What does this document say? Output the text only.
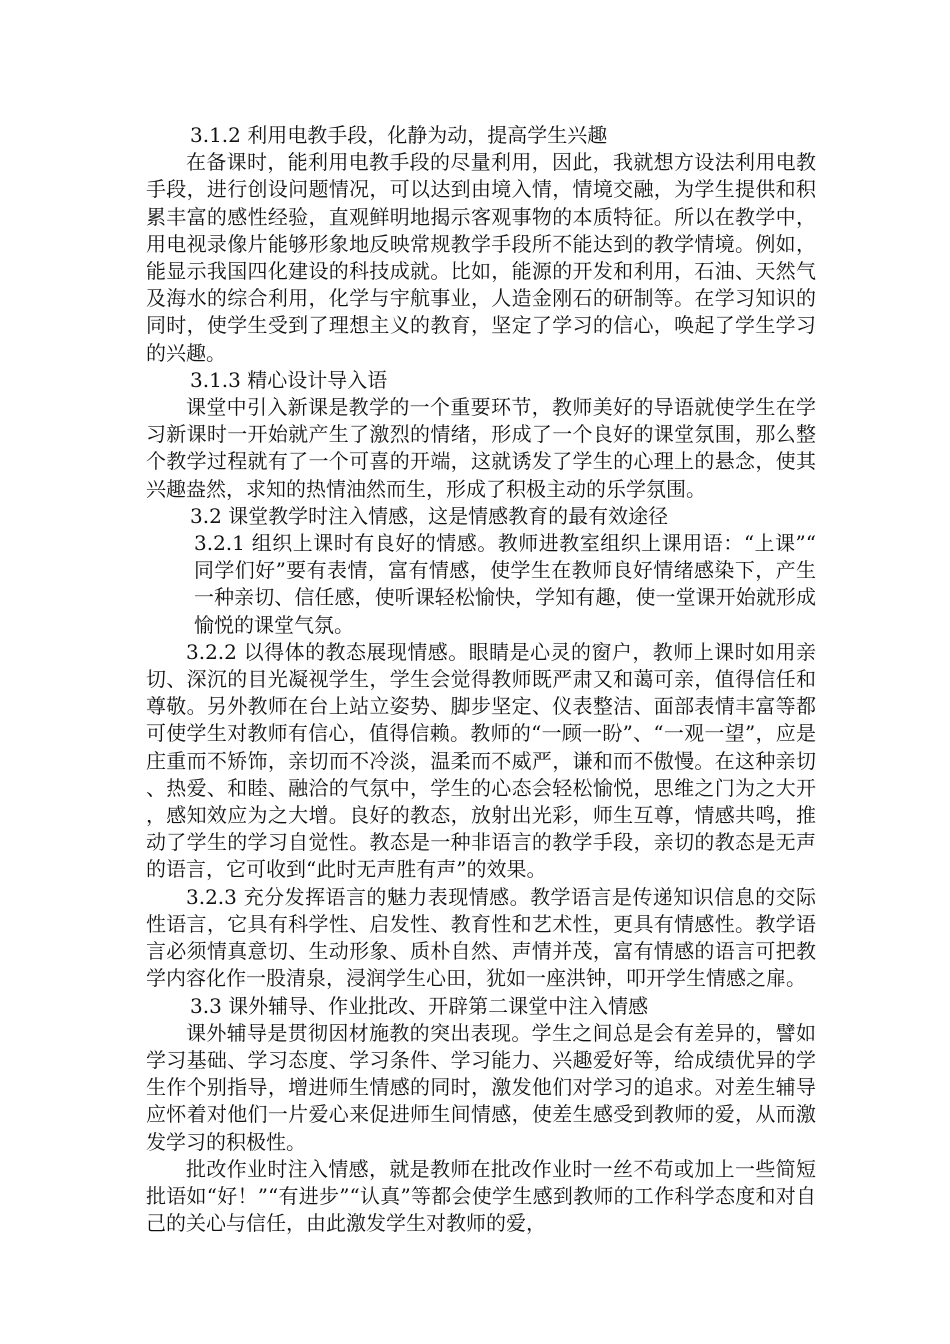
3.1.2 利用电教手段，化静为动，提高学生兴趣

在备课时，能利用电教手段的尽量利用，因此，我就想方设法利用电教手段，进行创设问题情况，可以达到由境入情，情境交融，为学生提供和积累丰富的感性经验，直观鲜明地揭示客观事物的本质特征。所以在教学中，用电视录像片能够形象地反映常规教学手段所不能达到的教学情境。例如，能显示我国四化建设的科技成就。比如，能源的开发和利用，石油、天然气及海水的综合利用，化学与宇航事业，人造金刚石的研制等。在学习知识的同时，使学生受到了理想主义的教育，坚定了学习的信心，唤起了学生学习的兴趣。

3.1.3 精心设计导入语

课堂中引入新课是教学的一个重要环节，教师美好的导语就使学生在学习新课时一开始就产生了激烈的情绪，形成了一个良好的课堂氛围，那么整个教学过程就有了一个可喜的开端，这就诱发了学生的心理上的悬念，使其兴趣盎然，求知的热情油然而生，形成了积极主动的乐学氛围。

3.2 课堂教学时注入情感，这是情感教育的最有效途径

3.2.1 组织上课时有良好的情感。教师进教室组织上课用语：“上课”“同学们好”要有表情，富有情感，使学生在教师良好情绪感染下，产生一种亲切、信任感，使听课轻松愉快，学知有趣，使一堂课开始就形成愉悦的课堂气氛。

3.2.2 以得体的教态展现情感。眼睛是心灵的窗户，教师上课时如用亲切、深沉的目光凝视学生，学生会觉得教师既严肃又和蔼可亲，值得信任和尊敬。另外教师在台上站立姿势、脚步坚定、仪表整洁、面部表情丰富等都可使学生对教师有信心，值得信赖。教师的“一顾一盼”、“一观一望”，应是庄重而不矫饰，亲切而不冷淡，温柔而不威严，谦和而不傲慢。在这种亲切、热爱、和睦、融洽的气氛中，学生的心态会轻松愉悦，思维之门为之大开，感知效应为之大增。良好的教态，放射出光彩，师生互尊，情感共鸣，推动了学生的学习自觉性。教态是一种非语言的教学手段，亲切的教态是无声的语言，它可收到“此时无声胜有声”的效果。

3.2.3 充分发挥语言的魅力表现情感。教学语言是传递知识信息的交际性语言，它具有科学性、启发性、教育性和艺术性，更具有情感性。教学语言必须情真意切、生动形象、质朴自然、声情并茂，富有情感的语言可把教学内容化作一股清泉，浸润学生心田，犹如一座洪钟，叩开学生情感之扉。

3.3 课外辅导、作业批改、开辟第二课堂中注入情感

课外辅导是贯彻因材施教的突出表现。学生之间总是会有差异的，譬如学习基础、学习态度、学习条件、学习能力、兴趣爱好等，给成绩优异的学生作个别指导，增进师生情感的同时，激发他们对学习的追求。对差生辅导应怀着对他们一片爱心来促进师生间情感，使差生感受到教师的爱，从而激发学习的积极性。

批改作业时注入情感，就是教师在批改作业时一丝不苟或加上一些简短批语如“好！”“有进步”“认真”等都会使学生感到教师的工作科学态度和对自己的关心与信任，由此激发学生对教师的爱，
